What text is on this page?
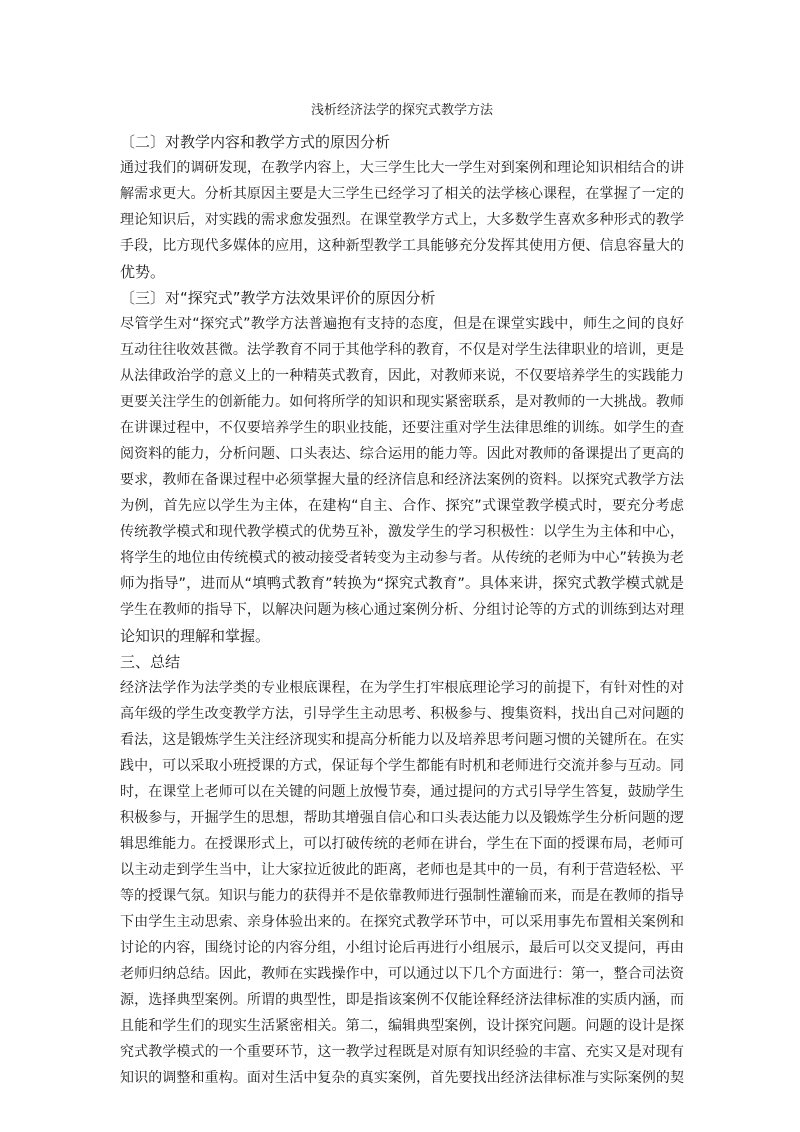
浅析经济法学的探究式教学方法
〔二〕对教学内容和教学方式的原因分析
通过我们的调研发现，在教学内容上，大三学生比大一学生对到案例和理论知识相结合的讲
解需求更大。分析其原因主要是大三学生已经学习了相关的法学核心课程，在掌握了一定的
理论知识后，对实践的需求愈发强烈。在课堂教学方式上，大多数学生喜欢多种形式的教学
手段，比方现代多媒体的应用，这种新型教学工具能够充分发挥其使用方便、信息容量大的
优势。
〔三〕对“探究式”教学方法效果评价的原因分析
尽管学生对“探究式”教学方法普遍抱有支持的态度，但是在课堂实践中，师生之间的良好
互动往往收效甚微。法学教育不同于其他学科的教育，不仅是对学生法律职业的培训，更是
从法律政治学的意义上的一种精英式教育，因此，对教师来说，不仅要培养学生的实践能力
更要关注学生的创新能力。如何将所学的知识和现实紧密联系，是对教师的一大挑战。教师
在讲课过程中，不仅要培养学生的职业技能，还要注重对学生法律思维的训练。如学生的查
阅资料的能力，分析问题、口头表达、综合运用的能力等。因此对教师的备课提出了更高的
要求，教师在备课过程中必须掌握大量的经济信息和经济法案例的资料。以探究式教学方法
为例，首先应以学生为主体，在建构“自主、合作、探究”式课堂教学模式时，要充分考虑
传统教学模式和现代教学模式的优势互补，激发学生的学习积极性：以学生为主体和中心，
将学生的地位由传统模式的被动接受者转变为主动参与者。从传统的老师为中心”转换为老
师为指导”，进而从“填鸭式教育”转换为“探究式教育”。具体来讲，探究式教学模式就是
学生在教师的指导下，以解决问题为核心通过案例分析、分组讨论等的方式的训练到达对理
论知识的理解和掌握。
三、总结
经济法学作为法学类的专业根底课程，在为学生打牢根底理论学习的前提下，有针对性的对
高年级的学生改变教学方法，引导学生主动思考、积极参与、搜集资料，找出自己对问题的
看法，这是锻炼学生关注经济现实和提高分析能力以及培养思考问题习惯的关键所在。在实
践中，可以采取小班授课的方式，保证每个学生都能有时机和老师进行交流并参与互动。同
时，在课堂上老师可以在关键的问题上放慢节奏，通过提问的方式引导学生答复，鼓励学生
积极参与，开掘学生的思想，帮助其增强自信心和口头表达能力以及锻炼学生分析问题的逻
辑思维能力。在授课形式上，可以打破传统的老师在讲台，学生在下面的授课布局，老师可
以主动走到学生当中，让大家拉近彼此的距离，老师也是其中的一员，有利于营造轻松、平
等的授课气氛。知识与能力的获得并不是依靠教师进行强制性灌输而来，而是在教师的指导
下由学生主动思索、亲身体验出来的。在探究式教学环节中，可以采用事先布置相关案例和
讨论的内容，围绕讨论的内容分组，小组讨论后再进行小组展示，最后可以交叉提问，再由
老师归纳总结。因此，教师在实践操作中，可以通过以下几个方面进行：第一，整合司法资
源，选择典型案例。所谓的典型性，即是指该案例不仅能诠释经济法律标准的实质内涵，而
且能和学生们的现实生活紧密相关。第二，编辑典型案例，设计探究问题。问题的设计是探
究式教学模式的一个重要环节，这一教学过程既是对原有知识经验的丰富、充实又是对现有
知识的调整和重构。面对生活中复杂的真实案例，首先要找出经济法律标准与实际案例的契
